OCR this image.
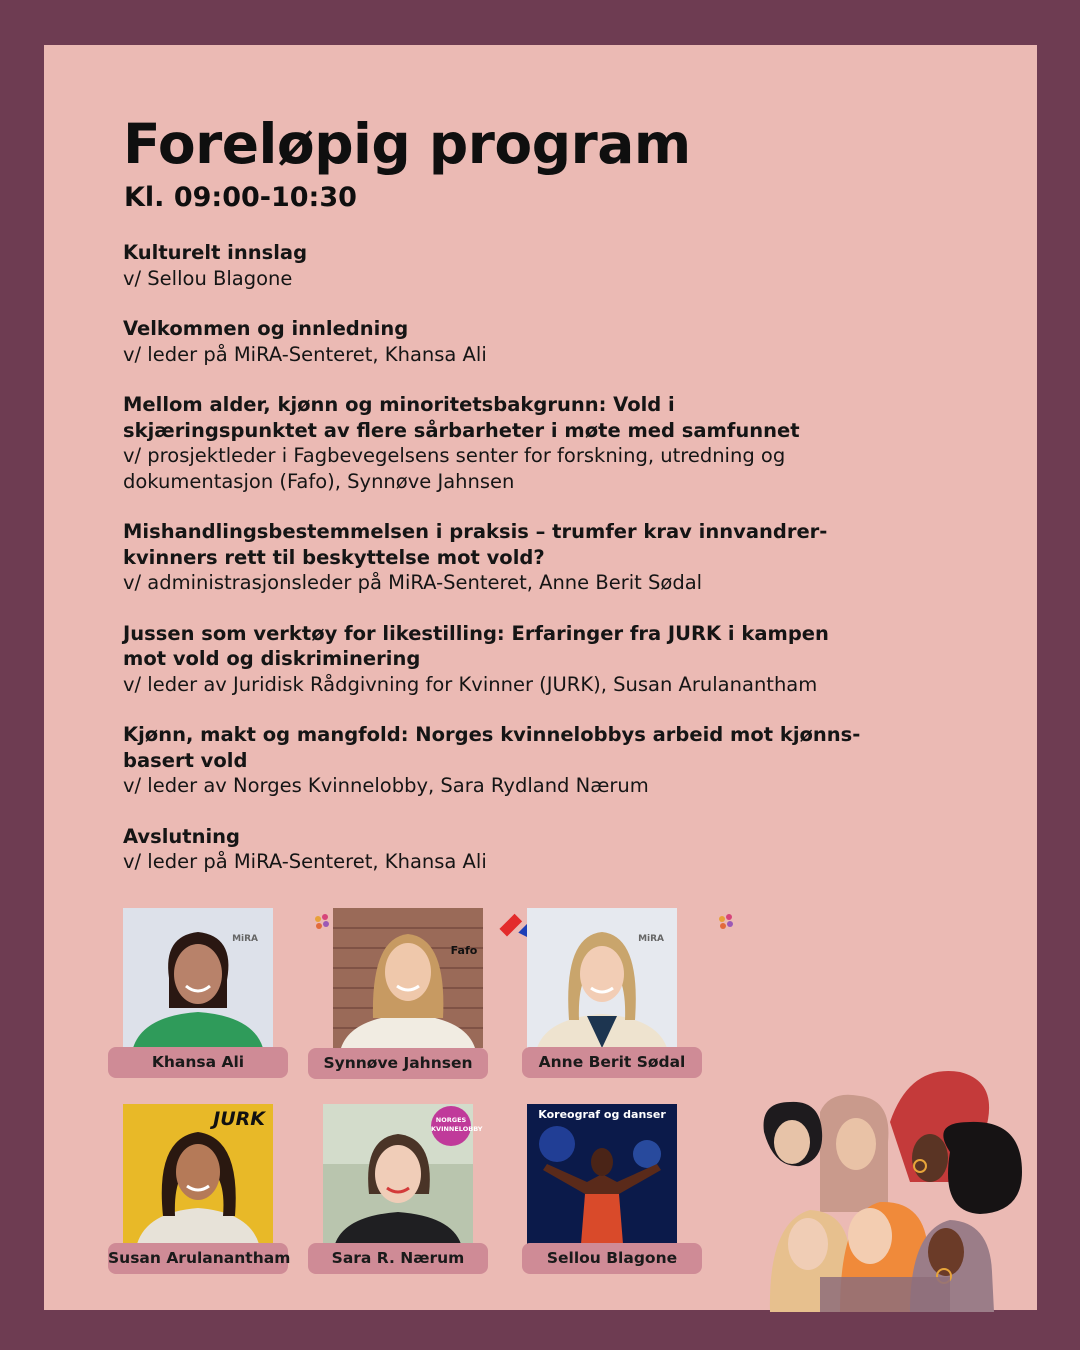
Foreløpig program
Kl. 09:00-10:30

Kulturelt innslag

v/ Sellou Blagone

Velkommen og innledning

v/ leder på MiRA-Senteret, Khansa Ali

Mellom alder, kjønn og minoritetsbakgrunn: Vold i skjæringspunktet av flere sårbarheter i møte med samfunnet

v/ prosjektleder i Fagbevegelsens senter for forskning, utredning og dokumentasjon (Fafo), Synnøve Jahnsen

Mishandlingsbestemmelsen i praksis – trumfer krav innvandrer-kvinners rett til beskyttelse mot vold?

v/ administrasjonsleder på MiRA-Senteret, Anne Berit Sødal

Jussen som verktøy for likestilling: Erfaringer fra JURK i kampen mot vold og diskriminering

v/ leder av Juridisk Rådgivning for Kvinner (JURK), Susan Arulanantham

Kjønn, makt og mangfold: Norges kvinnelobbys arbeid mot kjønns-basert vold

v/ leder av Norges Kvinnelobby, Sara Rydland Nærum

Avslutning

v/ leder på MiRA-Senteret, Khansa Ali

MiRA
Khansa Ali
Fafo
Synnøve Jahnsen
MiRA
Anne Berit Sødal
JURK
Susan Arulanantham
NORGES
KVINNELOBBY
Sara R. Nærum
Koreograf og danser
Sellou Blagone
